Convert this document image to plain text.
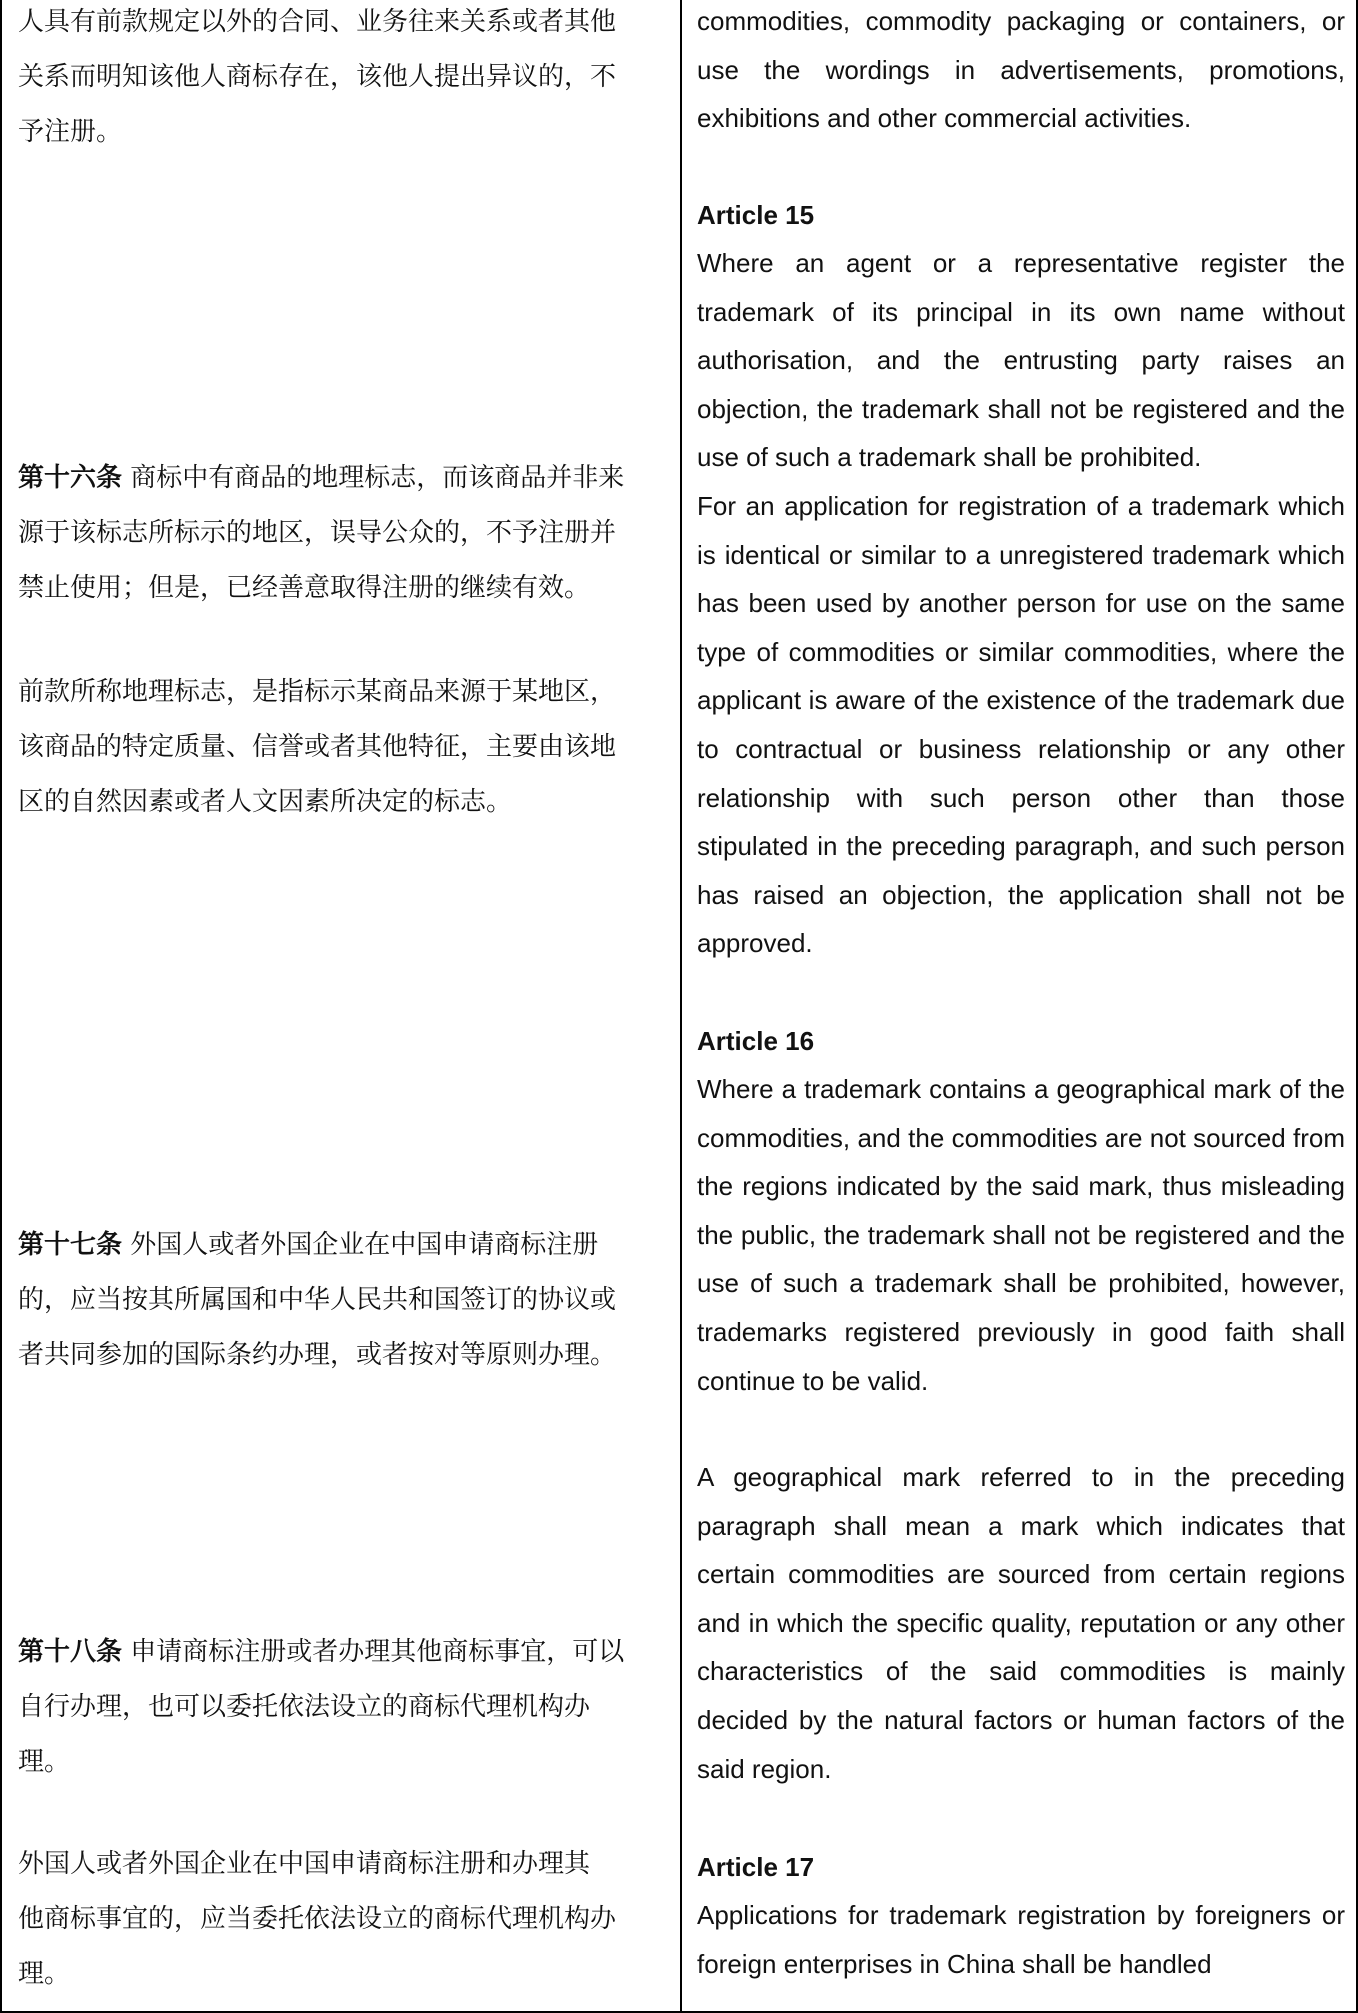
人具有前款规定以外的合同、业务往来关系或者其他
关系而明知该他人商标存在，该他人提出异议的，不
予注册。

第十六条 商标中有商品的地理标志，而该商品并非来
源于该标志所标示的地区，误导公众的，不予注册并
禁止使用；但是，已经善意取得注册的继续有效。

前款所称地理标志，是指标示某商品来源于某地区，
该商品的特定质量、信誉或者其他特征，主要由该地
区的自然因素或者人文因素所决定的标志。

第十七条 外国人或者外国企业在中国申请商标注册
的，应当按其所属国和中华人民共和国签订的协议或
者共同参加的国际条约办理，或者按对等原则办理。

第十八条 申请商标注册或者办理其他商标事宜，可以
自行办理，也可以委托依法设立的商标代理机构办
理。

外国人或者外国企业在中国申请商标注册和办理其
他商标事宜的，应当委托依法设立的商标代理机构办
理。

commodities, commodity packaging or containers, or use the wordings in advertisements, promotions, exhibitions and other commercial activities.

Article 15

Where an agent or a representative register the trademark of its principal in its own name without authorisation, and the entrusting party raises an objection, the trademark shall not be registered and the use of such a trademark shall be prohibited.

For an application for registration of a trademark which is identical or similar to a unregistered trademark which has been used by another person for use on the same type of commodities or similar commodities, where the applicant is aware of the existence of the trademark due to contractual or business relationship or any other relationship with such person other than those stipulated in the preceding paragraph, and such person has raised an objection, the application shall not be approved.

Article 16

Where a trademark contains a geographical mark of the commodities, and the commodities are not sourced from the regions indicated by the said mark, thus misleading the public, the trademark shall not be registered and the use of such a trademark shall be prohibited, however, trademarks registered previously in good faith shall continue to be valid.

A geographical mark referred to in the preceding paragraph shall mean a mark which indicates that certain commodities are sourced from certain regions and in which the specific quality, reputation or any other characteristics of the said commodities is mainly decided by the natural factors or human factors of the said region.

Article 17

Applications for trademark registration by foreigners or foreign enterprises in China shall be handled
